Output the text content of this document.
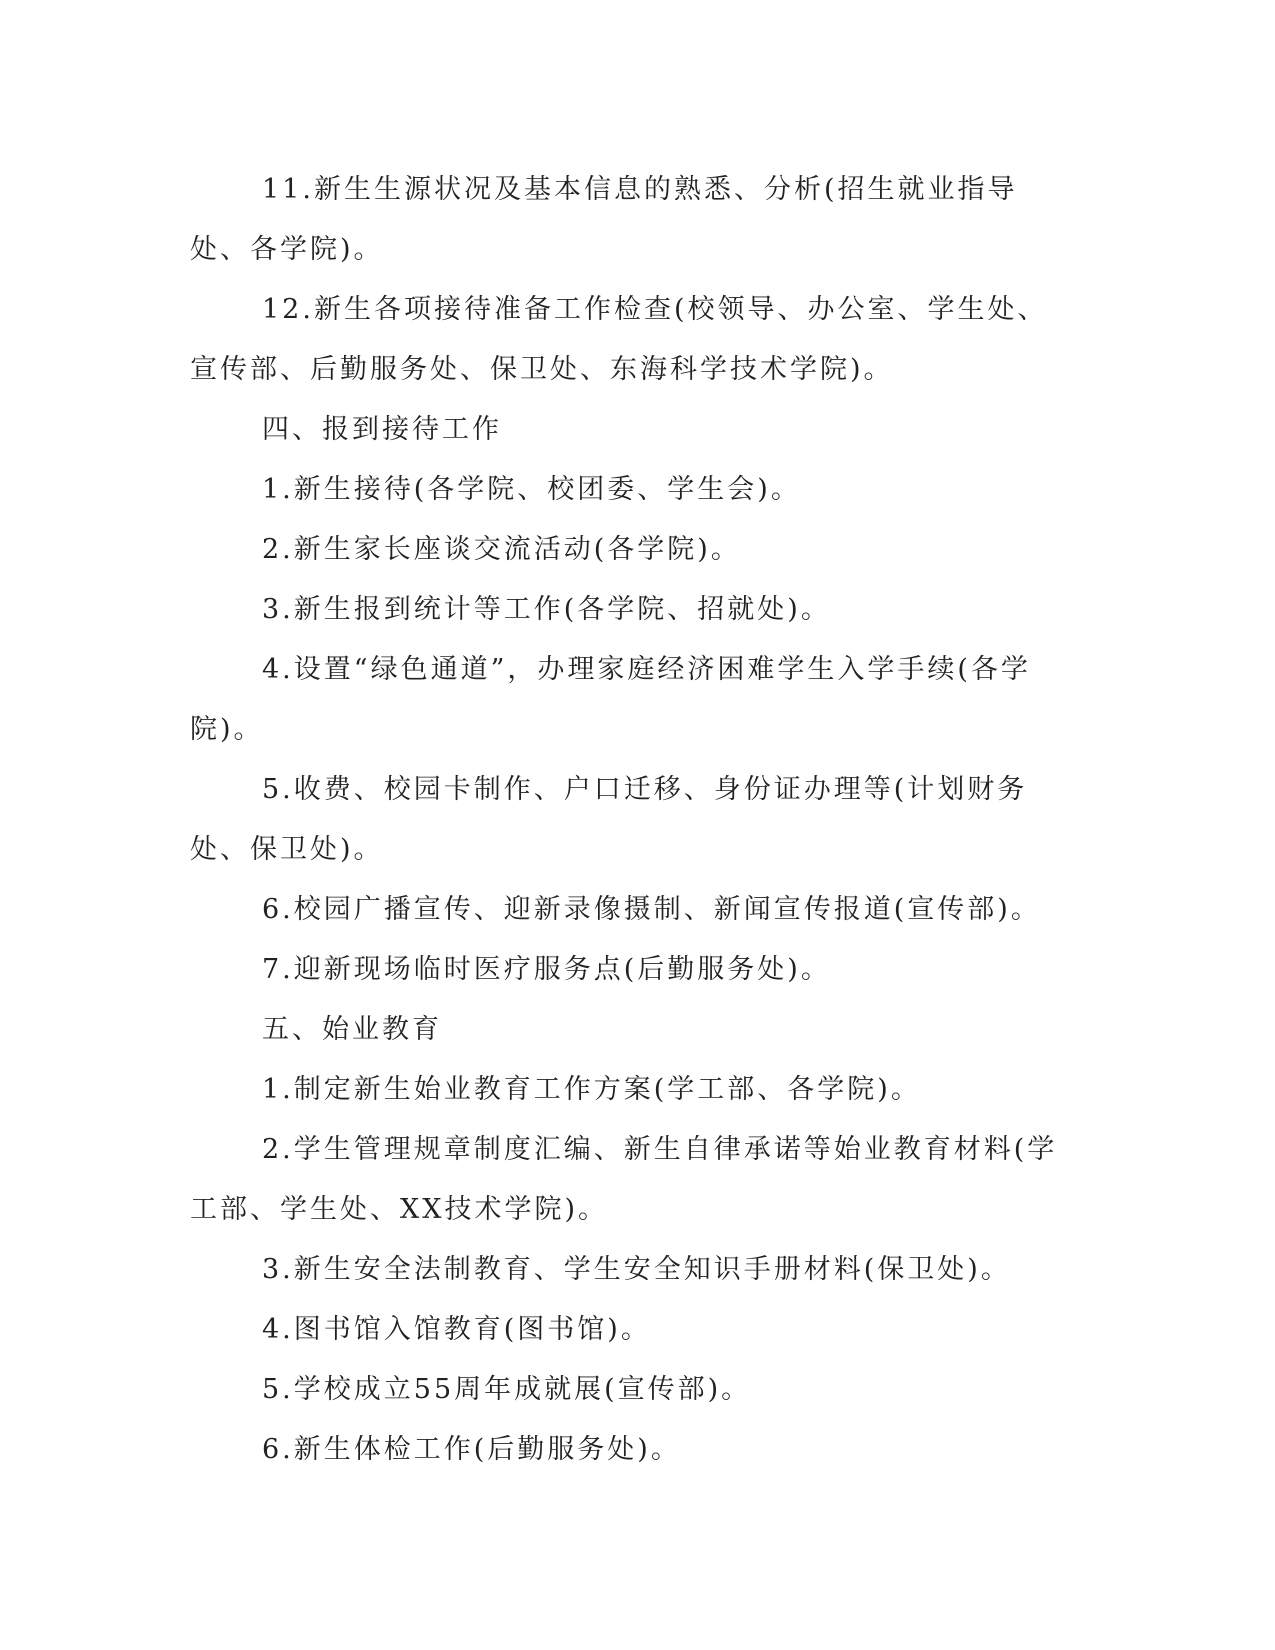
11.新生生源状况及基本信息的熟悉、分析(招生就业指导处、各学院)。

12.新生各项接待准备工作检查(校领导、办公室、学生处、宣传部、后勤服务处、保卫处、东海科学技术学院)。

四、报到接待工作

1.新生接待(各学院、校团委、学生会)。

2.新生家长座谈交流活动(各学院)。

3.新生报到统计等工作(各学院、招就处)。

4.设置“绿色通道”，办理家庭经济困难学生入学手续(各学院)。

5.收费、校园卡制作、户口迁移、身份证办理等(计划财务处、保卫处)。

6.校园广播宣传、迎新录像摄制、新闻宣传报道(宣传部)。

7.迎新现场临时医疗服务点(后勤服务处)。

五、始业教育

1.制定新生始业教育工作方案(学工部、各学院)。

2.学生管理规章制度汇编、新生自律承诺等始业教育材料(学工部、学生处、XX技术学院)。

3.新生安全法制教育、学生安全知识手册材料(保卫处)。

4.图书馆入馆教育(图书馆)。

5.学校成立55周年成就展(宣传部)。

6.新生体检工作(后勤服务处)。
